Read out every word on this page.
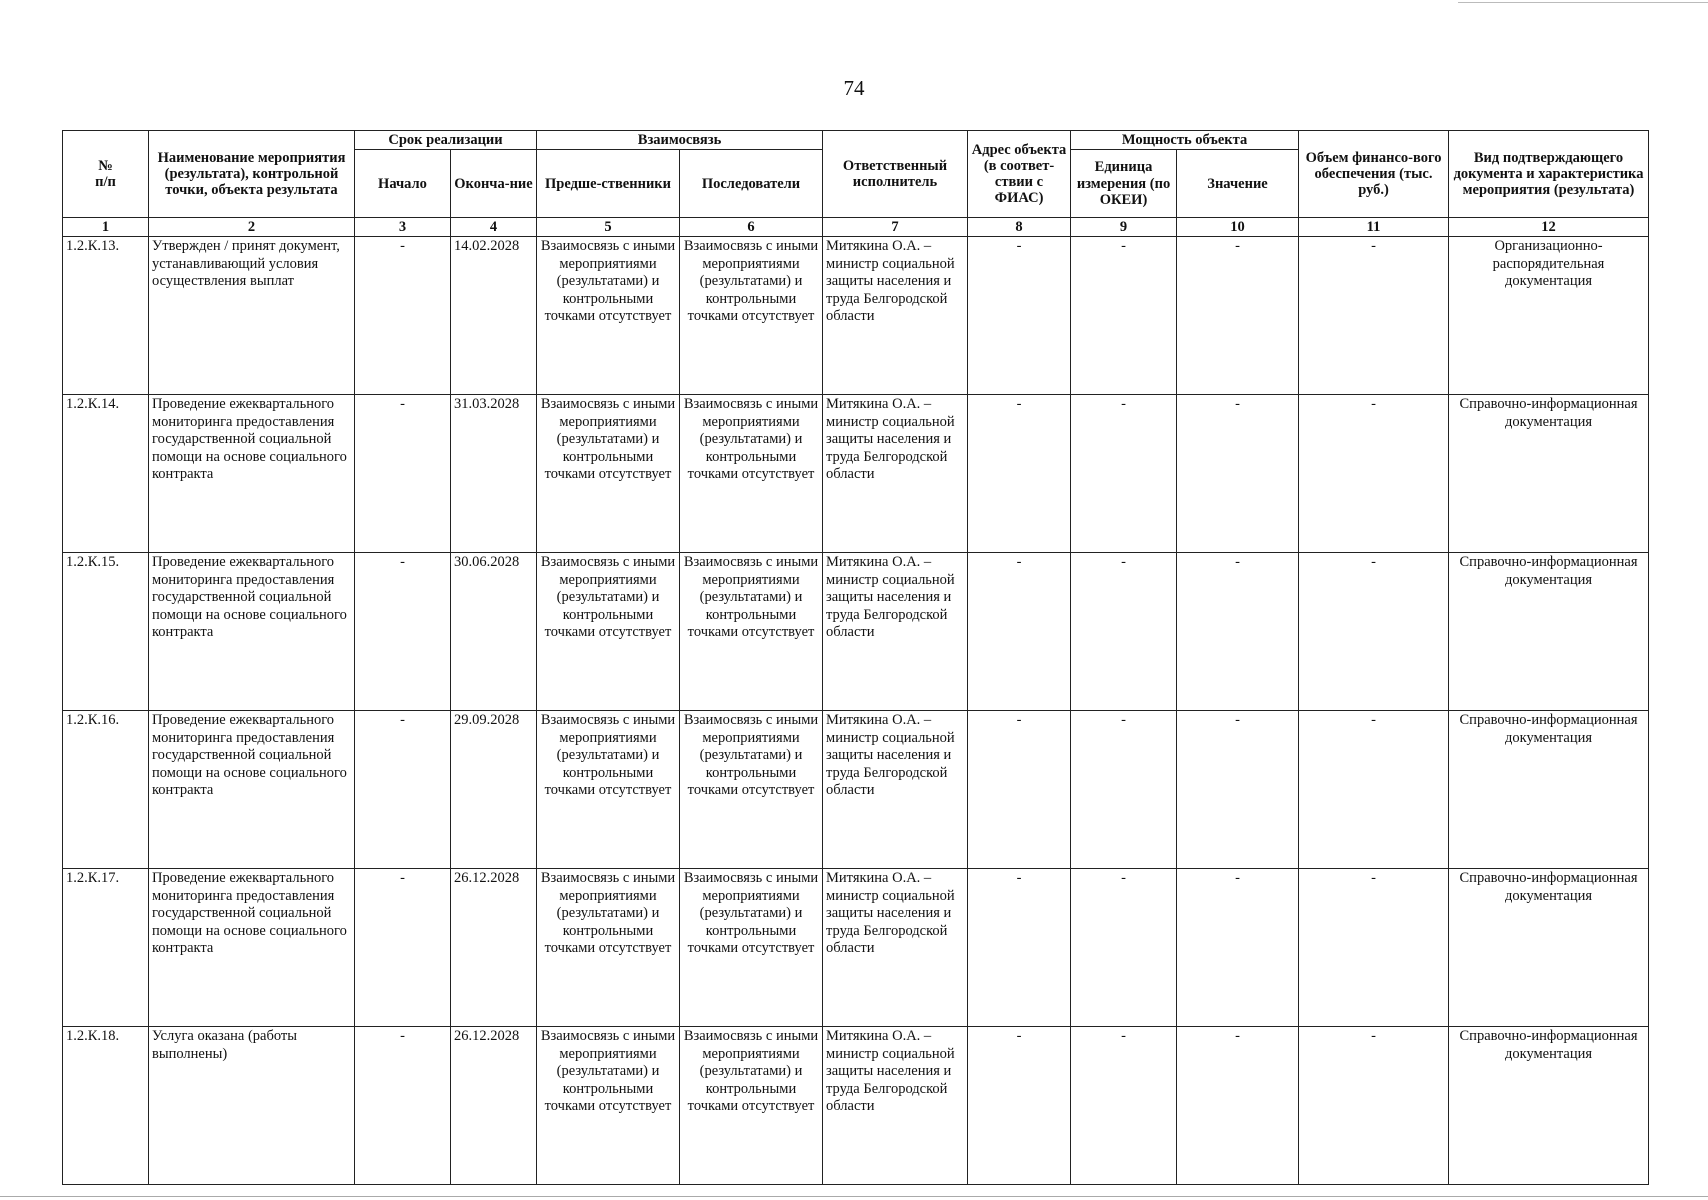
74
№
п/п	Наименование мероприятия (результата), контрольной точки, объекта результата	Срок реализации		Взаимосвязь		Ответственный исполнитель	Адрес объекта (в соответ-ствии с ФИАС)	Мощность объекта		Объем финансо-вого обеспечения (тыс. руб.)	Вид подтверждающего документа и характеристика мероприятия (результата)
		Начало	Оконча-ние	Предше-ственники	Последователи			Единица измерения (по ОКЕИ)	Значение		
1	2	3	4	5	6	7	8	9	10	11	12
1.2.К.13.	Утвержден / принят документ, устанавливающий условия осуществления выплат	-	14.02.2028	Взаимосвязь с иными мероприятиями (результатами) и контрольными точками отсутствует	Взаимосвязь с иными мероприятиями (результатами) и контрольными точками отсутствует	Митякина О.А. – министр социальной защиты населения и труда Белгородской области	-	-	-	-	Организационно-распорядительная документация
1.2.К.14.	Проведение ежеквартального мониторинга предоставления государственной социальной помощи на основе социального контракта	-	31.03.2028	Взаимосвязь с иными мероприятиями (результатами) и контрольными точками отсутствует	Взаимосвязь с иными мероприятиями (результатами) и контрольными точками отсутствует	Митякина О.А. – министр социальной защиты населения и труда Белгородской области	-	-	-	-	Справочно-информационная документация
1.2.К.15.	Проведение ежеквартального мониторинга предоставления государственной социальной помощи на основе социального контракта	-	30.06.2028	Взаимосвязь с иными мероприятиями (результатами) и контрольными точками отсутствует	Взаимосвязь с иными мероприятиями (результатами) и контрольными точками отсутствует	Митякина О.А. – министр социальной защиты населения и труда Белгородской области	-	-	-	-	Справочно-информационная документация
1.2.К.16.	Проведение ежеквартального мониторинга предоставления государственной социальной помощи на основе социального контракта	-	29.09.2028	Взаимосвязь с иными мероприятиями (результатами) и контрольными точками отсутствует	Взаимосвязь с иными мероприятиями (результатами) и контрольными точками отсутствует	Митякина О.А. – министр социальной защиты населения и труда Белгородской области	-	-	-	-	Справочно-информационная документация
1.2.К.17.	Проведение ежеквартального мониторинга предоставления государственной социальной помощи на основе социального контракта	-	26.12.2028	Взаимосвязь с иными мероприятиями (результатами) и контрольными точками отсутствует	Взаимосвязь с иными мероприятиями (результатами) и контрольными точками отсутствует	Митякина О.А. – министр социальной защиты населения и труда Белгородской области	-	-	-	-	Справочно-информационная документация
1.2.К.18.	Услуга оказана (работы выполнены)	-	26.12.2028	Взаимосвязь с иными мероприятиями (результатами) и контрольными точками отсутствует	Взаимосвязь с иными мероприятиями (результатами) и контрольными точками отсутствует	Митякина О.А. – министр социальной защиты населения и труда Белгородской области	-	-	-	-	Справочно-информационная документация
